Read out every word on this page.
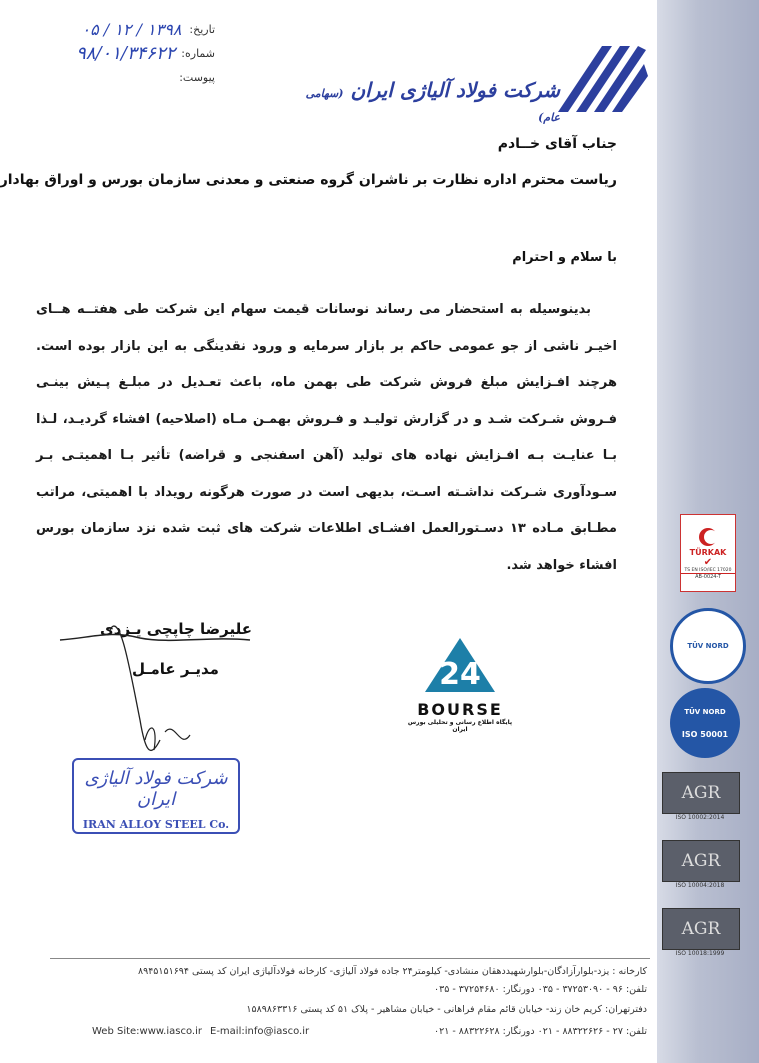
شرکت فولاد آلیاژی ایران (سهامی عام)
تاریخ:
۱۳۹۸ / ۱۲ / ۰۵
شماره:
۹۸/۰۱/۳۴۶۲۲
پیوست:
جناب آقای خــادم
ریاست محترم اداره نظارت بر ناشران گروه صنعتی و معدنی سازمان بورس و اوراق بهادار
با سلام و احترام
بدینوسیله به استحضار می رساند نوسانات قیمت سهام این شرکت طی هفتــه هــای اخیـر ناشی از جو عمومی حاکم بر بازار سرمایه و ورود نقدینگی به این بازار بوده است. هرچند افـزایش مبلغ فروش شرکت طی بهمن ماه، باعث تعـدیل در مبلـغ پـیش بینـی فـروش شـرکت شـد و در گزارش تولیـد و فـروش بهمـن مـاه (اصلاحیه) افشاء گردیـد، لـذا بـا عنایـت بـه افـزایش نهاده های تولید (آهن اسفنجی و قراضه) تأثیر بـا اهمیتـی بـر سـودآوری شـرکت نداشـته اسـت، بدیهی است در صورت هرگونه رویداد با اهمیتی، مراتب مطـابق مـاده ۱۳ دسـتورالعمل افشـای اطلاعات شرکت های ثبت شده نزد سازمان بورس افشاء خواهد شد.
علیرضا چاپچی یـزدی
مدیـر عامـل
شرکت فولاد آلیاژی ایران
IRAN ALLOY STEEL Co.
24
BOURSE
پایگاه اطلاع رسانی و تحلیلی بورس ایران
TÜRKAK
✔
TS EN ISO/IEC 17020
AB-0024-T
TÜV NORD
TÜV NORD
ISO 50001
AGR
ISO 10002:2014
AGR
ISO 10004:2018
AGR
ISO 10018:1999
کارخانه : یزد-بلوارآزادگان-بلوارشهیددهقان منشادی- کیلومتر۲۴ جاده فولاد آلیاژی- کارخانه فولادآلیاژی ایران کد پستی ۸۹۴۵۱۵۱۶۹۴
تلفن: ۹۶ - ۳۷۲۵۳۰۹۰ - ۰۳۵ دورنگار: ۳۷۲۵۴۶۸۰ - ۰۳۵
دفترتهران: کریم خان زند- خیابان قائم مقام فراهانی - خیابان مشاهیر - پلاک ۵۱ کد پستی ۱۵۸۹۸۶۳۳۱۶
تلفن: ۲۷ - ۸۸۳۲۲۶۲۶ - ۰۲۱ دورنگار: ۸۸۳۲۲۶۲۸ - ۰۲۱
Web Site:www.iasco.ir E-mail:info@iasco.ir
